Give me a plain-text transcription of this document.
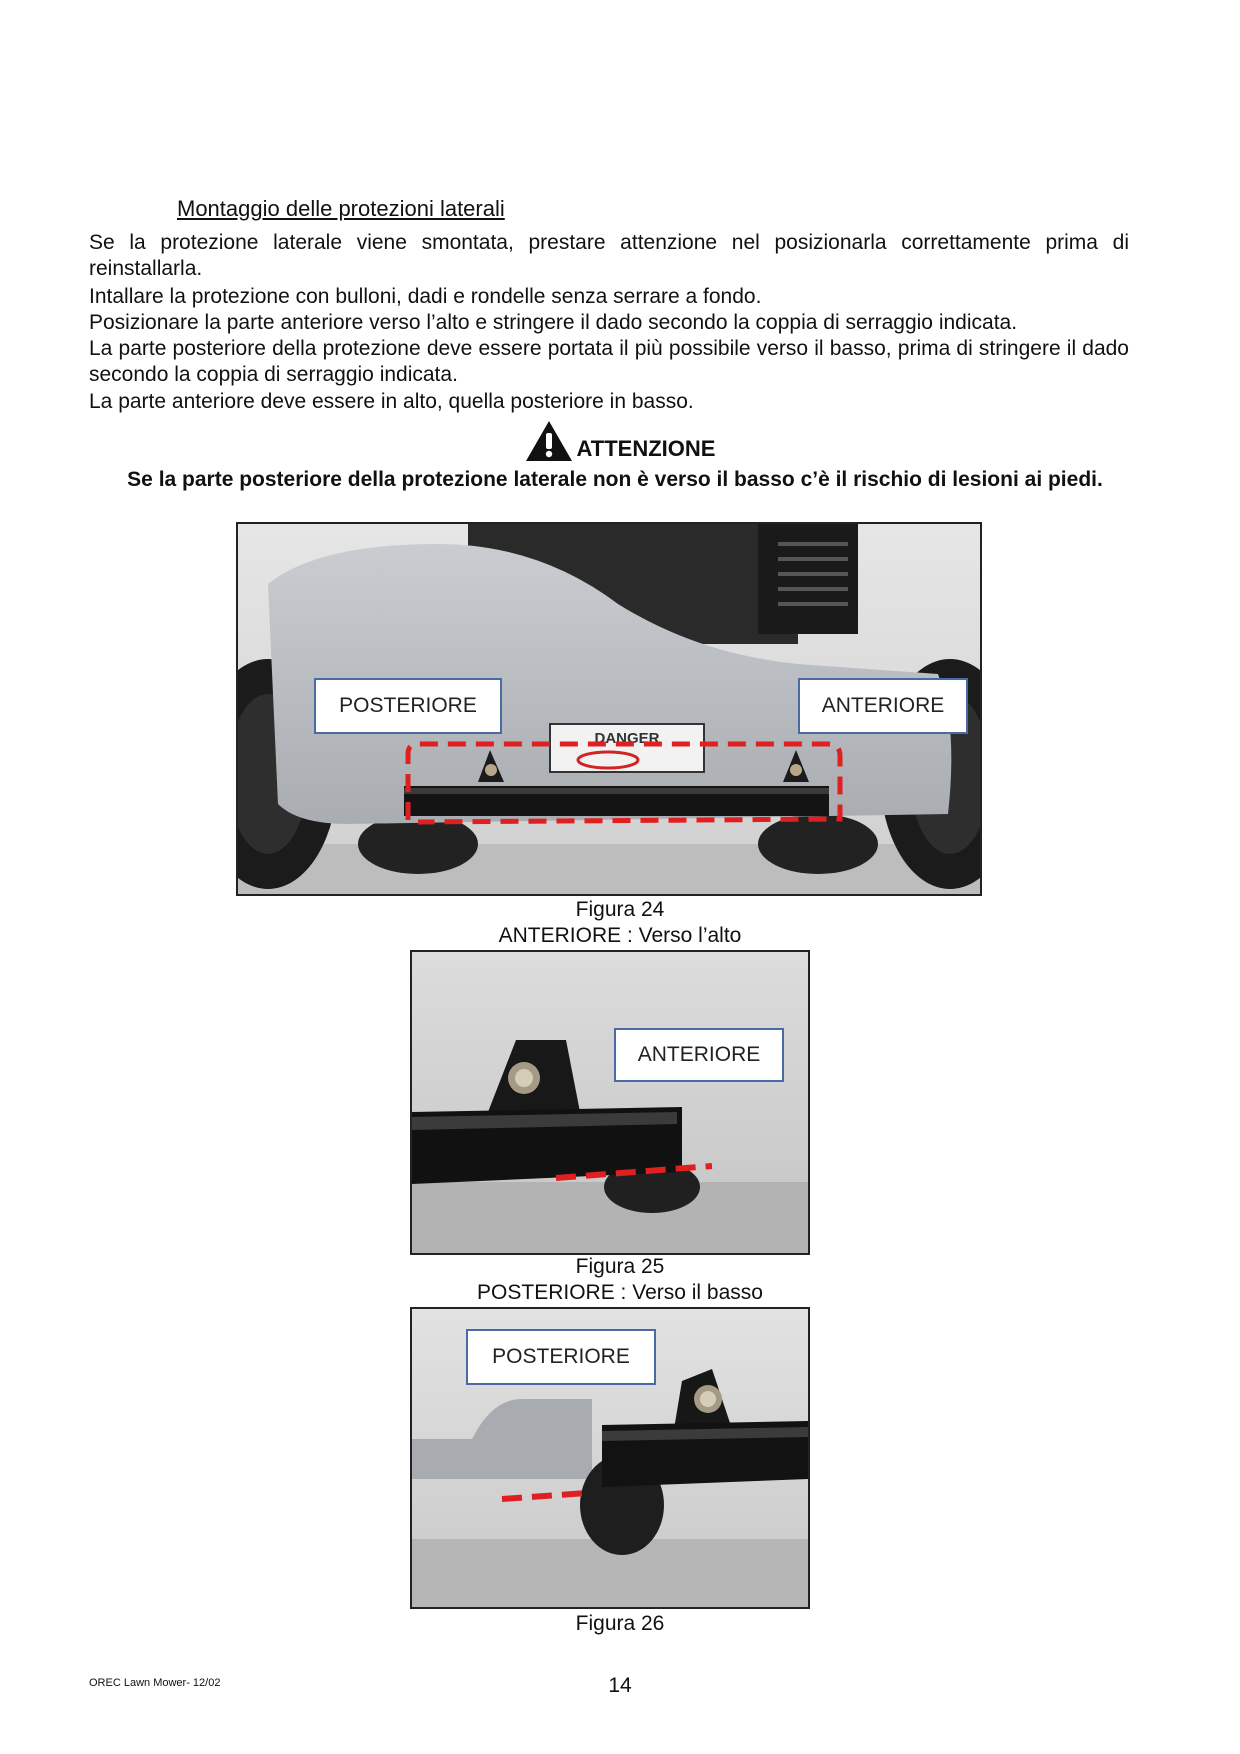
Montaggio delle protezioni laterali
Se la protezione laterale viene smontata, prestare attenzione nel posizionarla correttamente prima di reinstallarla.
Intallare la protezione con bulloni, dadi e rondelle senza serrare a fondo.
Posizionare la parte anteriore verso l’alto e stringere il dado secondo la coppia di serraggio indicata.
La parte posteriore della protezione deve essere portata il più possibile verso il basso, prima di stringere il dado secondo la coppia di serraggio indicata.
La parte anteriore deve essere in alto, quella posteriore in basso.
ATTENZIONE
Se la parte posteriore della protezione laterale non è verso il basso c’è il rischio di lesioni ai piedi.
DANGER
POSTERIORE	ANTERIORE
Figura 24
ANTERIORE : Verso l’alto
ANTERIORE
Figura 25
POSTERIORE : Verso il basso
POSTERIORE
Figura 26
OREC Lawn Mower- 12/02	14
